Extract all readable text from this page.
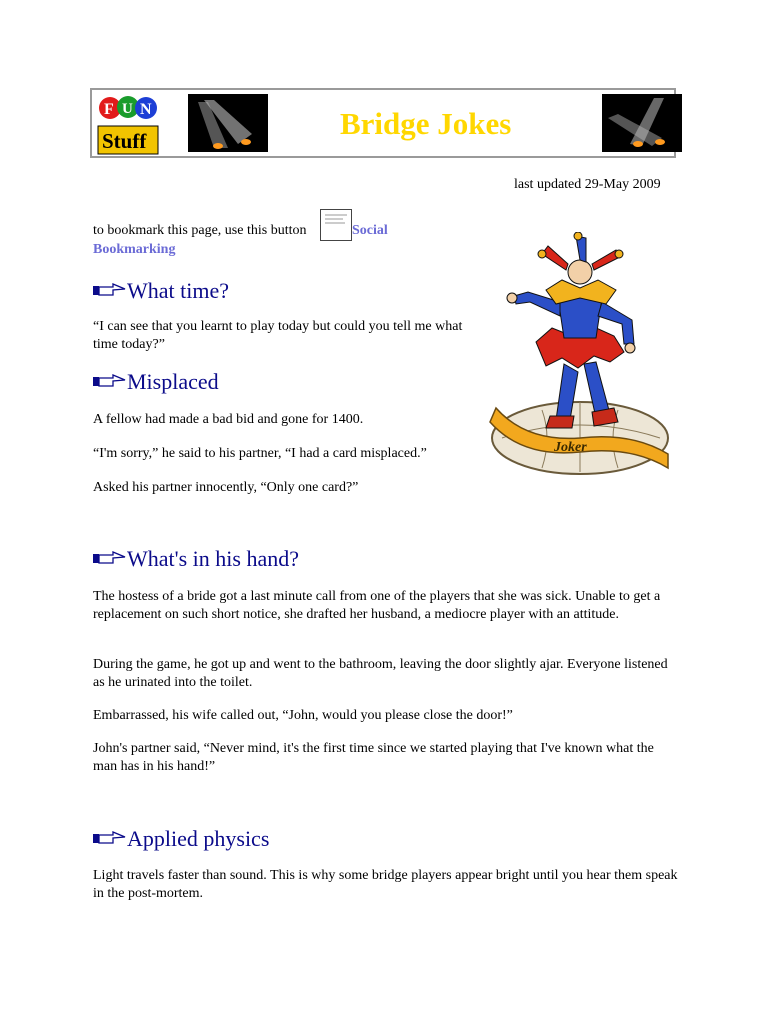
F U N
Stuff	Bridge Jokes
last updated 29-May 2009
to bookmark this page, use this button	Social
Bookmarking
What time?

“I can see that you learnt to play today but could you tell me what time today?”

Misplaced

A fellow had made a bad bid and gone for 1400.

“I'm sorry,” he said to his partner, “I had a card misplaced.”

Asked his partner innocently, “Only one card?”

Joker
What's in his hand?

The hostess of a bride got a last minute call from one of the players that she was sick. Unable to get a replacement on such short notice, she drafted her husband, a mediocre player with an attitude.

During the game, he got up and went to the bathroom, leaving the door slightly ajar. Everyone listened as he urinated into the toilet.

Embarrassed, his wife called out, “John, would you please close the door!”

John's partner said, “Never mind, it's the first time since we started playing that I've known what the man has in his hand!”

Applied physics

Light travels faster than sound. This is why some bridge players appear bright until you hear them speak in the post-mortem.
